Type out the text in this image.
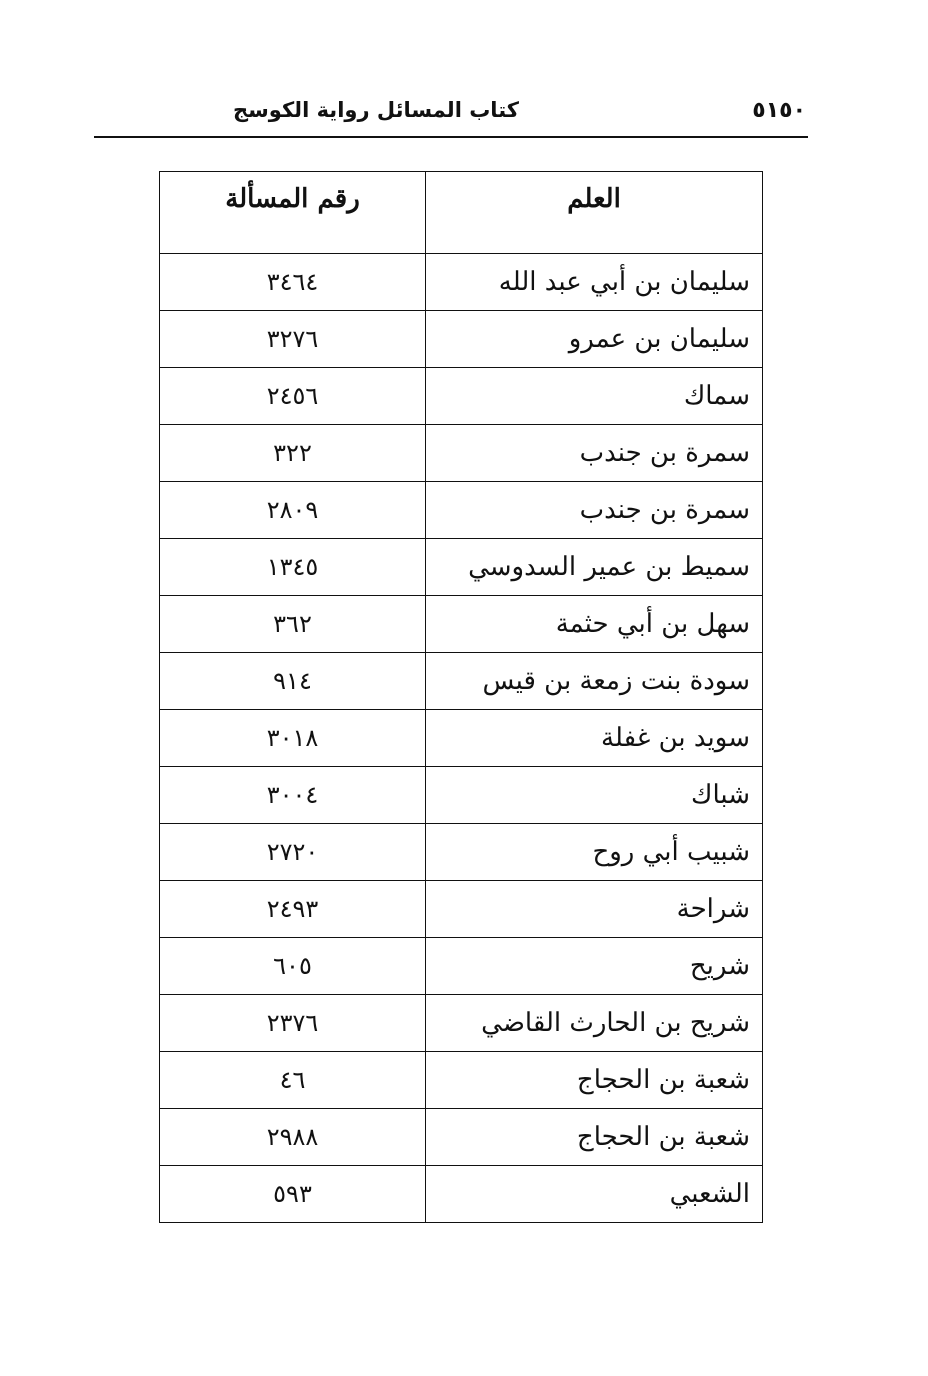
٥١٥٠
كتاب المسائل رواية الكوسج
العلم	رقم المسألة
سليمان بن أبي عبد الله	٣٤٦٤
سليمان بن عمرو	٣٢٧٦
سماك	٢٤٥٦
سمرة بن جندب	٣٢٢
سمرة بن جندب	٢٨٠٩
سميط بن عمير السدوسي	١٣٤٥
سهل بن أبي حثمة	٣٦٢
سودة بنت زمعة بن قيس	٩١٤
سويد بن غفلة	٣٠١٨
شباك	٣٠٠٤
شبيب أبي روح	٢٧٢٠
شراحة	٢٤٩٣
شريح	٦٠٥
شريح بن الحارث القاضي	٢٣٧٦
شعبة بن الحجاج	٤٦
شعبة بن الحجاج	٢٩٨٨
الشعبي	٥٩٣
